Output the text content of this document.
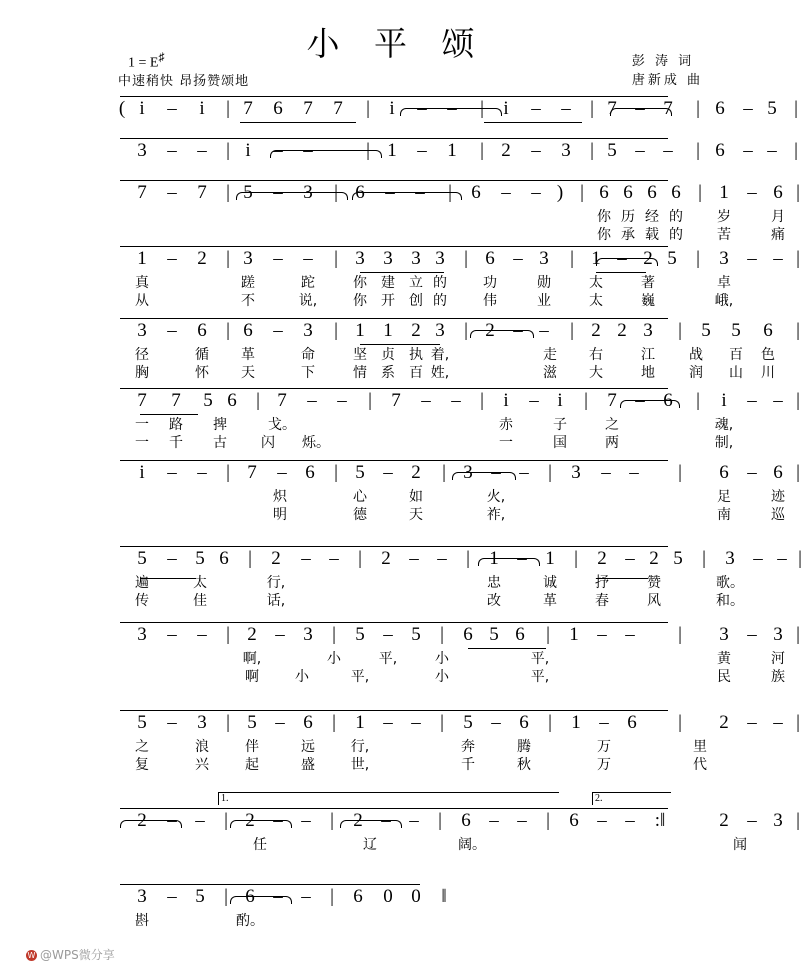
小 平 颂
1 = E♯
中速稍快 昂扬赞颂地
彭 涛 词
唐新成 曲
( i – i | 7 6 7 7 | i – – | i – – | 7 – 7 | 6 – 5 |
3 – – | i – –	| 1 – 1 | 2 – 3 | 5 – – | 6 – – |
7 – 7 | 5 – 3 | 6 – – | 6 – – ) | 6 6 6 6 | 1 – 6 |
你 历 经 的 岁	月
你 承 载 的 苦	痛
1 – 2 | 3 – – | 3 3 3 3 | 6 – 3 | 1 – 2 5 | 3 – – |
真	蹉	跎	你 建 立 的	功	勋	太	著	卓
从	不	说,	你 开 创 的	伟	业	太	巍	峨,
3 – 6 | 6 – 3 | 1 1 2 3 | 2 – – | 2 2 3 | 5 5 6 |
径	循 革	命	坚 贞 执 着,	走 右	江 战 百 色
胸	怀 天	下	情 系 百 姓,	滋 大	地 润 山 川
7 7 5 6 | 7 – – | 7 – – | i – i | 7 – 6 | i – – |
一 路 捭	戈。	赤	子	之	魂,
一 千 古 闪 烁。	一	国	两	制,
i – – | 7 – 6 | 5 – 2 | 3 – – | 3 – – | 6 – 6 |
炽	心	如	火,	足	迹
明	德	天	祚,	南	巡
5 – 5 6 | 2 – – | 2 – – | 1 – 1 | 2 – 2 5 | 3 – – |
遍	太	行,	忠	诚	抒	赞	歌。
传	佳	话,	改	革	春	风	和。
3 – – | 2 – 3 | 5 – 5 | 6 5 6 | 1 – – | 3 – 3 |
啊,	小	平,	小	平,	黄	河
啊	小	平,	小	平,	民	族
5 – 3 | 5 – 6 | 1 – – | 5 – 6 | 1 – 6 | 2 – – |
之	浪	伴	远	行,	奔	腾	万	里
复	兴	起	盛	世,	千	秋	万	代
2 – – | 2 – – | 2 – – | 6 – – | 6 – – :‖	2 – 3 |
任	辽	阔。	闻
1.	2.
3 – 5 | 6 – – | 6 0 0 ‖
斟	酌。
W @WPS微分享
